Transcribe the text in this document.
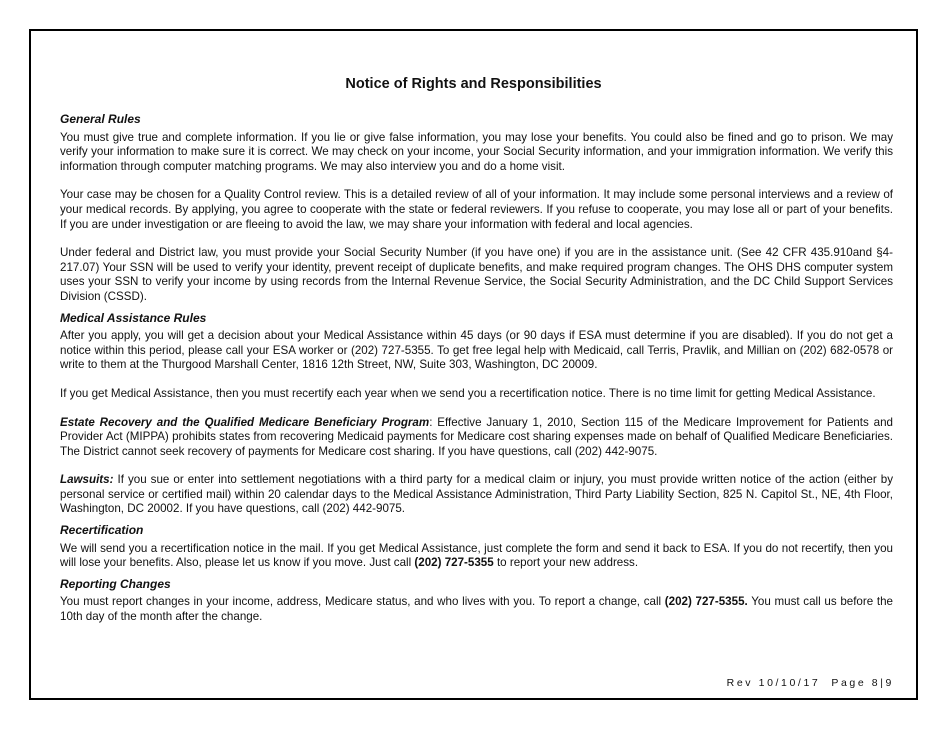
Notice of Rights and Responsibilities
General Rules

You must give true and complete information. If you lie or give false information, you may lose your benefits. You could also be fined and go to prison. We may verify your information to make sure it is correct. We may check on your income, your Social Security information, and your immigration information. We verify this information through computer matching programs. We may also interview you and do a home visit.

Your case may be chosen for a Quality Control review. This is a detailed review of all of your information. It may include some personal interviews and a review of your medical records. By applying, you agree to cooperate with the state or federal reviewers. If you refuse to cooperate, you may lose all or part of your benefits. If you are under investigation or are fleeing to avoid the law, we may share your information with federal and local agencies.

Under federal and District law, you must provide your Social Security Number (if you have one) if you are in the assistance unit. (See 42 CFR 435.910and §4-217.07) Your SSN will be used to verify your identity, prevent receipt of duplicate benefits, and make required program changes. The OHS DHS computer system uses your SSN to verify your income by using records from the Internal Revenue Service, the Social Security Administration, and the DC Child Support Services Division (CSSD).

Medical Assistance Rules

After you apply, you will get a decision about your Medical Assistance within 45 days (or 90 days if ESA must determine if you are disabled). If you do not get a notice within this period, please call your ESA worker or (202) 727-5355. To get free legal help with Medicaid, call Terris, Pravlik, and Millian on (202) 682-0578 or write to them at the Thurgood Marshall Center, 1816 12th Street, NW, Suite 303, Washington, DC 20009.

If you get Medical Assistance, then you must recertify each year when we send you a recertification notice. There is no time limit for getting Medical Assistance.

Estate Recovery and the Qualified Medicare Beneficiary Program: Effective January 1, 2010, Section 115 of the Medicare Improvement for Patients and Provider Act (MIPPA) prohibits states from recovering Medicaid payments for Medicare cost sharing expenses made on behalf of Qualified Medicare Beneficiaries. The District cannot seek recovery of payments for Medicare cost sharing. If you have questions, call (202) 442-9075.

Lawsuits: If you sue or enter into settlement negotiations with a third party for a medical claim or injury, you must provide written notice of the action (either by personal service or certified mail) within 20 calendar days to the Medical Assistance Administration, Third Party Liability Section, 825 N. Capitol St., NE, 4th Floor, Washington, DC 20002. If you have questions, call (202) 442-9075.

Recertification

We will send you a recertification notice in the mail. If you get Medical Assistance, just complete the form and send it back to ESA. If you do not recertify, then you will lose your benefits. Also, please let us know if you move. Just call (202) 727-5355 to report your new address.

Reporting Changes

You must report changes in your income, address, Medicare status, and who lives with you. To report a change, call (202) 727-5355. You must call us before the 10th day of the month after the change.

Rev 10/10/17  Page 8|9
